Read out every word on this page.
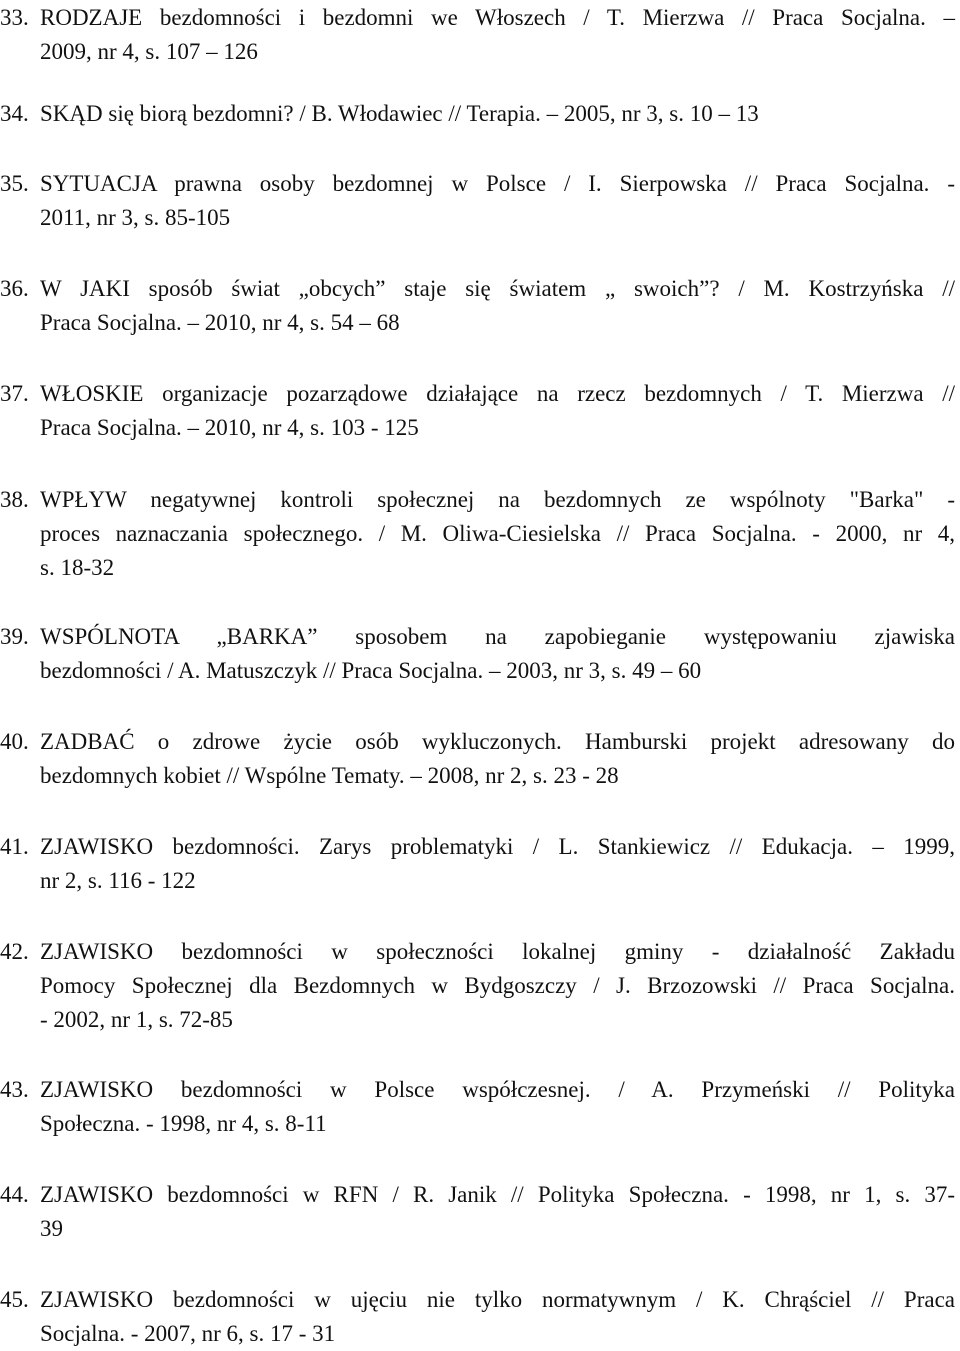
33. RODZAJE bezdomności i bezdomni we Włoszech / T. Mierzwa // Praca Socjalna. –
2009, nr 4, s. 107 – 126
34. SKĄD się biorą bezdomni? / B. Włodawiec // Terapia. – 2005, nr 3, s. 10 – 13
35. SYTUACJA prawna osoby bezdomnej w Polsce / I. Sierpowska // Praca Socjalna. -
2011, nr 3, s. 85-105
36. W JAKI sposób świat „obcych” staje się światem „ swoich”? / M. Kostrzyńska //
Praca Socjalna. – 2010, nr 4, s. 54 – 68
37. WŁOSKIE organizacje pozarządowe działające na rzecz bezdomnych / T. Mierzwa //
Praca Socjalna. – 2010, nr 4, s. 103 - 125
38. WPŁYW negatywnej kontroli społecznej na bezdomnych ze wspólnoty "Barka" -
proces naznaczania społecznego. / M. Oliwa-Ciesielska // Praca Socjalna. - 2000, nr 4,
s. 18-32
39. WSPÓLNOTA „BARKA” sposobem na zapobieganie występowaniu zjawiska
bezdomności / A. Matuszczyk // Praca Socjalna. – 2003, nr 3, s. 49 – 60
40. ZADBAĆ o zdrowe życie osób wykluczonych. Hamburski projekt adresowany do
bezdomnych kobiet // Wspólne Tematy. – 2008, nr 2, s. 23 - 28
41. ZJAWISKO bezdomności. Zarys problematyki / L. Stankiewicz // Edukacja. – 1999,
nr 2, s. 116 - 122
42. ZJAWISKO bezdomności w społeczności lokalnej gminy - działalność Zakładu
Pomocy Społecznej dla Bezdomnych w Bydgoszczy / J. Brzozowski // Praca Socjalna.
- 2002, nr 1, s. 72-85
43. ZJAWISKO bezdomności w Polsce współczesnej. / A. Przymeński // Polityka
Społeczna. - 1998, nr 4, s. 8-11
44. ZJAWISKO bezdomności w RFN / R. Janik // Polityka Społeczna. - 1998, nr 1, s. 37-
39
45. ZJAWISKO bezdomności w ujęciu nie tylko normatywnym / K. Chrąściel // Praca
Socjalna. - 2007, nr 6, s. 17 - 31
